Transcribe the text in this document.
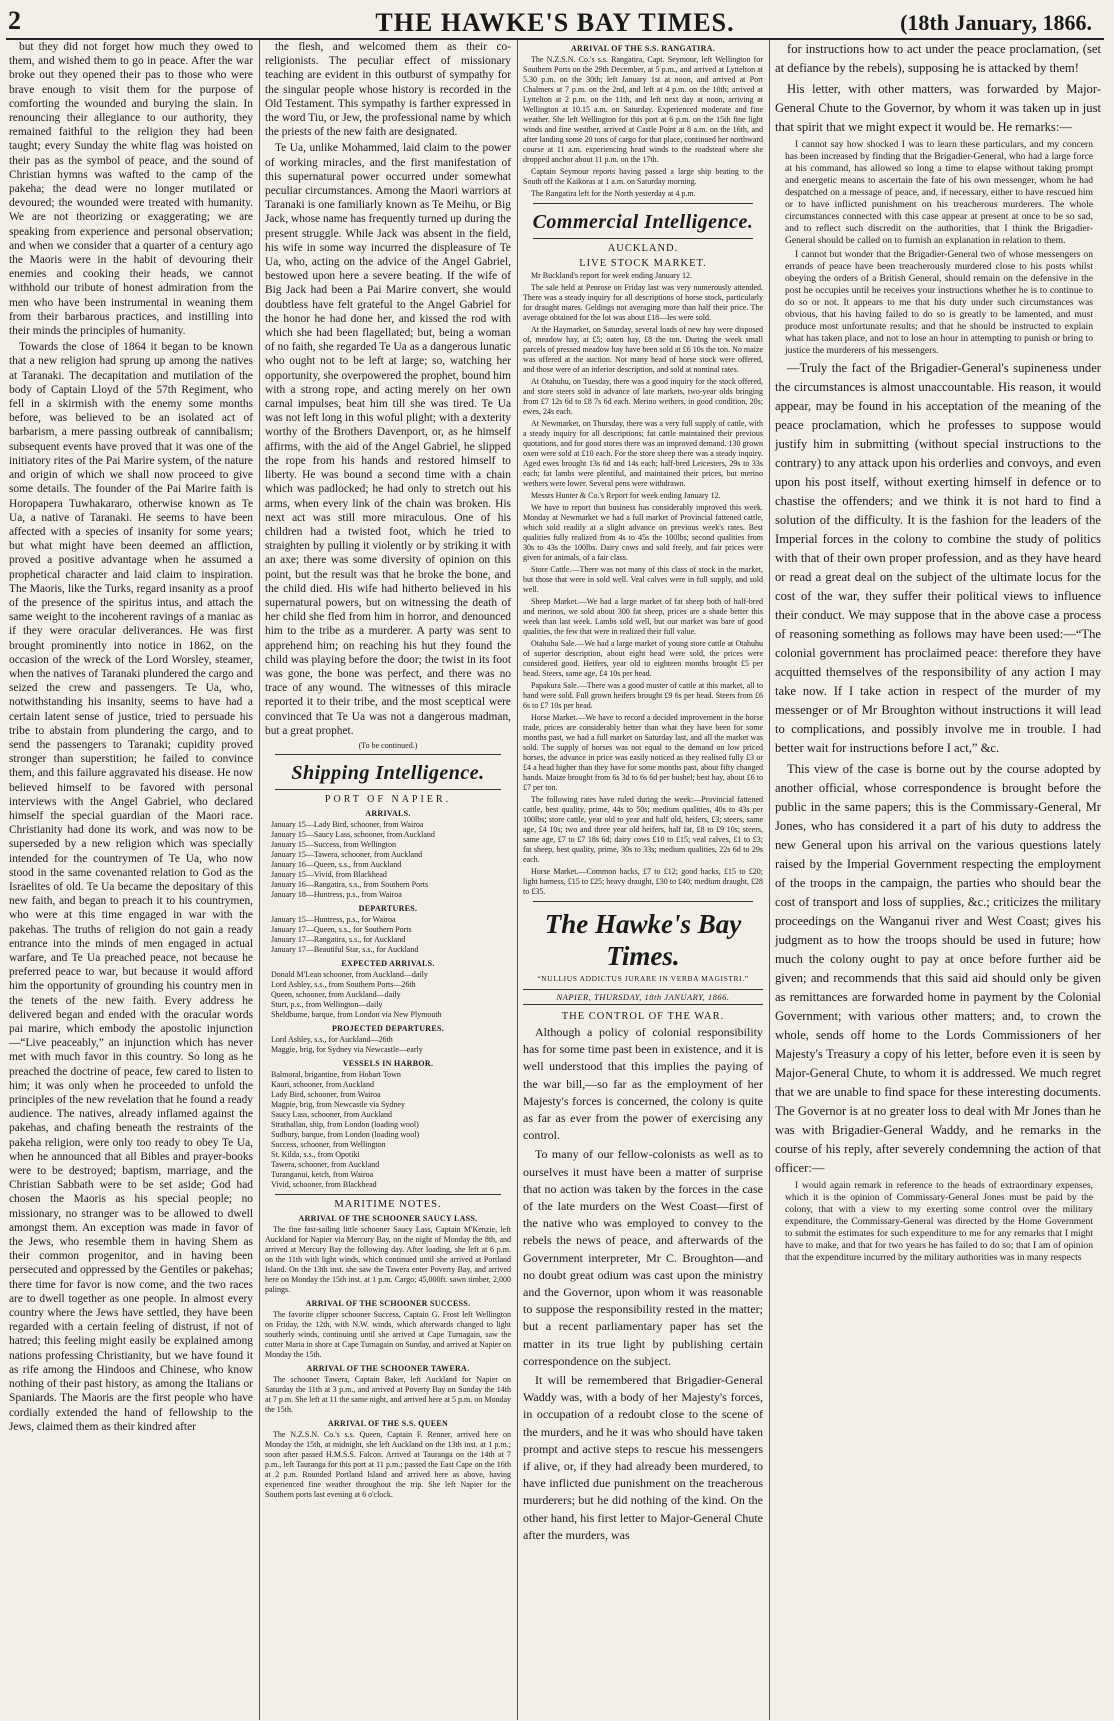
2	THE HAWKE'S BAY TIMES.	(18th January, 1866.

but they did not forget how much they owed to them, and wished them to go in peace. After the war broke out they opened their pas to those who were brave enough to visit them for the purpose of comforting the wounded and burying the slain. In renouncing their allegiance to our authority, they remained faithful to the religion they had been taught; every Sunday the white flag was hoisted on their pas as the symbol of peace, and the sound of Christian hymns was wafted to the camp of the pakeha; the dead were no longer mutilated or devoured; the wounded were treated with humanity. We are not theorizing or exaggerating; we are speaking from experience and personal observation; and when we consider that a quarter of a century ago the Maoris were in the habit of devouring their enemies and cooking their heads, we cannot withhold our tribute of honest admiration from the men who have been instrumental in weaning them from their barbarous practices, and instilling into their minds the principles of humanity.

Towards the close of 1864 it began to be known that a new religion had sprung up among the natives at Taranaki. The decapitation and mutilation of the body of Captain Lloyd of the 57th Regiment, who fell in a skirmish with the enemy some months before, was believed to be an isolated act of barbarism, a mere passing outbreak of cannibalism; subsequent events have proved that it was one of the initiatory rites of the Pai Marire system, of the nature and origin of which we shall now proceed to give some details. The founder of the Pai Marire faith is Horopapera Tuwhakararo, otherwise known as Te Ua, a native of Taranaki. He seems to have been affected with a species of insanity for some years; but what might have been deemed an affliction, proved a positive advantage when he assumed a prophetical character and laid claim to inspiration. The Maoris, like the Turks, regard insanity as a proof of the presence of the spiritus intus, and attach the same weight to the incoherent ravings of a maniac as if they were oracular deliverances. He was first brought prominently into notice in 1862, on the occasion of the wreck of the Lord Worsley, steamer, when the natives of Taranaki plundered the cargo and seized the crew and passengers. Te Ua, who, notwithstanding his insanity, seems to have had a certain latent sense of justice, tried to persuade his tribe to abstain from plundering the cargo, and to send the passengers to Taranaki; cupidity proved stronger than superstition; he failed to convince them, and this failure aggravated his disease. He now believed himself to be favored with personal interviews with the Angel Gabriel, who declared himself the special guardian of the Maori race. Christianity had done its work, and was now to be superseded by a new religion which was specially intended for the countrymen of Te Ua, who now stood in the same covenanted relation to God as the Israelites of old. Te Ua became the depositary of this new faith, and began to preach it to his countrymen, who were at this time engaged in war with the pakehas. The truths of religion do not gain a ready entrance into the minds of men engaged in actual warfare, and Te Ua preached peace, not because he preferred peace to war, but because it would afford him the opportunity of grounding his country men in the tenets of the new faith. Every address he delivered began and ended with the oracular words pai marire, which embody the apostolic injunction—“Live peaceably,” an injunction which has never met with much favor in this country. So long as he preached the doctrine of peace, few cared to listen to him; it was only when he proceeded to unfold the principles of the new revelation that he found a ready audience. The natives, already inflamed against the pakehas, and chafing beneath the restraints of the pakeha religion, were only too ready to obey Te Ua, when he announced that all Bibles and prayer-books were to be destroyed; baptism, marriage, and the Christian Sabbath were to be set aside; God had chosen the Maoris as his special people; no missionary, no stranger was to be allowed to dwell amongst them. An exception was made in favor of the Jews, who resemble them in having Shem as their common progenitor, and in having been persecuted and oppressed by the Gentiles or pakehas; there time for favor is now come, and the two races are to dwell together as one people. In almost every country where the Jews have settled, they have been regarded with a certain feeling of distrust, if not of hatred; this feeling might easily be explained among nations professing Christianity, but we have found it as rife among the Hindoos and Chinese, who know nothing of their past history, as among the Italians or Spaniards. The Maoris are the first people who have cordially extended the hand of fellowship to the Jews, claimed them as their kindred after

the flesh, and welcomed them as their co-religionists. The peculiar effect of missionary teaching are evident in this outburst of sympathy for the singular people whose history is recorded in the Old Testament. This sympathy is farther expressed in the word Tiu, or Jew, the professional name by which the priests of the new faith are designated.

Te Ua, unlike Mohammed, laid claim to the power of working miracles, and the first manifestation of this supernatural power occurred under somewhat peculiar circumstances. Among the Maori warriors at Taranaki is one familiarly known as Te Meihu, or Big Jack, whose name has frequently turned up during the present struggle. While Jack was absent in the field, his wife in some way incurred the displeasure of Te Ua, who, acting on the advice of the Angel Gabriel, bestowed upon here a severe beating. If the wife of Big Jack had been a Pai Marire convert, she would doubtless have felt grateful to the Angel Gabriel for the honor he had done her, and kissed the rod with which she had been flagellated; but, being a woman of no faith, she regarded Te Ua as a dangerous lunatic who ought not to be left at large; so, watching her opportunity, she overpowered the prophet, bound him with a strong rope, and acting merely on her own carnal impulses, beat him till she was tired. Te Ua was not left long in this woful plight; with a dexterity worthy of the Brothers Davenport, or, as he himself affirms, with the aid of the Angel Gabriel, he slipped the rope from his hands and restored himself to liberty. He was bound a second time with a chain which was padlocked; he had only to stretch out his arms, when every link of the chain was broken. His next act was still more miraculous. One of his children had a twisted foot, which he tried to straighten by pulling it violently or by striking it with an axe; there was some diversity of opinion on this point, but the result was that he broke the bone, and the child died. His wife had hitherto believed in his supernatural powers, but on witnessing the death of her child she fled from him in horror, and denounced him to the tribe as a murderer. A party was sent to apprehend him; on reaching his hut they found the child was playing before the door; the twist in its foot was gone, the bone was perfect, and there was no trace of any wound. The witnesses of this miracle reported it to their tribe, and the most sceptical were convinced that Te Ua was not a dangerous madman, but a great prophet.

(To be continued.)
Shipping Intelligence.
PORT OF NAPIER.
ARRIVALS.
January 15—Lady Bird, schooner, from Wairoa
January 15—Saucy Lass, schooner, from Auckland
January 15—Success, from Wellington
January 15—Tawera, schooner, from Auckland
January 16—Queen, s.s., from Auckland
January 15—Vivid, from Blackhead
January 16—Rangatira, s.s., from Southern Ports
January 18—Huntress, p.s., from Wairoa
DEPARTURES.
January 15—Huntress, p.s., for Wairoa
January 17—Queen, s.s., for Southern Ports
January 17—Rangatira, s.s., for Auckland
January 17—Beautiful Star, s.s., for Auckland
EXPECTED ARRIVALS.
Donald M'Lean schooner, from Auckland—daily
Lord Ashley, s.s., from Southern Ports—26th
Queen, schooner, from Auckland—daily
Sturt, p.s., from Wellington—daily
Sheldburne, barque, from London via New Plymouth
PROJECTED DEPARTURES.
Lord Ashley, s.s., for Auckland—26th
Maggie, brig, for Sydney via Newcastle—early
VESSELS IN HARBOR.
Balmoral, brigantine, from Hobart Town
Kauri, schooner, from Auckland
Lady Bird, schooner, from Wairoa
Magpie, brig, from Newcastle via Sydney
Saucy Lass, schooner, from Auckland
Strathallan, ship, from London (loading wool)
Sudbury, barque, from London (loading wool)
Success, schooner, from Wellington
St. Kilda, s.s., from Opotiki
Tawera, schooner, from Auckland
Turanganui, ketch, from Wairoa
Vivid, schooner, from Blackhead
MARITIME NOTES.
ARRIVAL OF THE SCHOONER SAUCY LASS.

The fine fast-sailing little schooner Saucy Lass, Captain M'Kenzie, left Auckland for Napier via Mercury Bay, on the night of Monday the 8th, and arrived at Mercury Bay the following day. After loading, she left at 6 p.m. on the 11th with light winds, which continued until she arrived at Portland Island. On the 13th inst. she saw the Tawera enter Poverty Bay, and arrived here on Monday the 15th inst. at 1 p.m. Cargo; 45,000ft. sawn timber, 2,000 palings.

ARRIVAL OF THE SCHOONER SUCCESS.

The favorite clipper schooner Success, Captain G. Frost left Wellington on Friday, the 12th, with N.W. winds, which afterwards changed to light southerly winds, continuing until she arrived at Cape Turnagain, saw the cutter Maria in shore at Cape Turnagain on Sunday, and arrived at Napier on Monday the 15th.

ARRIVAL OF THE SCHOONER TAWERA.

The schooner Tawera, Captain Baker, left Auckland for Napier on Saturday the 11th at 3 p.m., and arrived at Poverty Bay on Sunday the 14th at 7 p.m. She left at 11 the same night, and arrived here at 5 p.m. on Monday the 15th.

ARRIVAL OF THE S.S. QUEEN

The N.Z.S.N. Co.'s s.s. Queen, Captain F. Renner, arrived here on Monday the 15th, at midnight, she left Auckland on the 13th inst. at 1 p.m.; soon after passed H.M.S.S. Falcon. Arrived at Tauranga on the 14th at 7 p.m., left Tauranga for this port at 11 p.m.; passed the East Cape on the 16th at 2 p.m. Rounded Portland Island and arrived here as above, having experienced fine weather throughout the trip. She left Napier for the Southern ports last evening at 6 o'clock.

ARRIVAL OF THE S.S. RANGATIRA.

The N.Z.S.N. Co.'s s.s. Rangatira, Capt. Seymour, left Wellington for Southern Ports on the 29th December, at 5 p.m., and arrived at Lyttelton at 5.30 p.m. on the 30th; left January 1st at noon, and arrived at Port Chalmers at 7 p.m. on the 2nd, and left at 4 p.m. on the 10th; arrived at Lyttelton at 2 p.m. on the 11th, and left next day at noon, arriving at Wellington at 10.15 a.m. on Saturday. Experienced moderate and fine weather. She left Wellington for this port at 6 p.m. on the 15th fine light winds and fine weather, arrived at Castle Point at 8 a.m. on the 16th, and after landing some 20 tons of cargo for that place, continued her northward course at 11 a.m. experiencing head winds to the roadstead where she dropped anchor about 11 p.m. on the 17th.

Captain Seymour reports having passed a large ship beating to the South off the Kaikoras at 1 a.m. on Saturday morning.

The Rangatira left for the North yesterday at 4 p.m.

Commercial Intelligence.
AUCKLAND.
LIVE STOCK MARKET.

Mr Buckland's report for week ending January 12.

The sale held at Penrose on Friday last was very numerously attended. There was a steady inquiry for all descriptions of horse stock, particularly for draught mares. Geldings not averaging more than half their price. The average obtained for the lot was about £18—les were sold.

At the Haymarket, on Saturday, several loads of new hay were disposed of, meadow hay, at £5; oaten hay, £8 the ton. During the week small parcels of pressed meadow hay have been sold at £6 10s the ton. No maize was offered at the auction. Not many head of horse stock were offered, and those were of an inferior description, and sold at nominal rates.

At Otahuhu, on Tuesday, there was a good inquiry for the stock offered, and store steers sold in advance of late markets, two-year olds bringing from £7 12s 6d to £8 7s 6d each. Merino wethers, in good condition, 20s; ewes, 24s each.

At Newmarket, on Thursday, there was a very full supply of cattle, with a steady inquiry for all descriptions; fat cattle maintained their previous quotations, and for good stores there was an improved demand. 130 grown oxen were sold at £10 each. For the store sheep there was a steady inquiry. Aged ewes brought 13s 6d and 14s each; half-bred Leicesters, 29s to 33s each; fat lambs were plentiful, and maintained their prices, but merino wethers were lower. Several pens were withdrawn.

Messrs Hunter & Co.'s Report for week ending January 12.

We have to report that business has considerably improved this week. Monday at Newmarket we had a full market of Provincial fattened cattle, which sold readily at a slight advance on previous week's rates. Best qualities fully realized from 4s to 45s the 100lbs; second qualities from 30s to 43s the 100lbs. Dairy cows and sold freely, and fair prices were given for animals, of a fair class.

Store Cattle.—There was not many of this class of stock in the market, but those that were in sold well. Veal calves were in full supply, and sold well.

Sheep Market.—We had a large market of fat sheep both of half-bred and merinos, we sold about 300 fat sheep, prices are a shade better this week than last week. Lambs sold well, but our market was bare of good qualities, the few that were in realized their full value.

Otahuhu Sale.—We had a large market of young store cattle at Otahuhu of superior description, about eight head were sold, the prices were considered good. Heifers, year old to eighteen months brought £5 per head. Steers, same age, £4 10s per head.

Papakura Sale.—There was a good muster of cattle at this market, all to hand were sold. Full grown heifers brought £9 6s per head. Steers from £6 6s to £7 10s per head.

Horse Market.—We have to record a decided improvement in the horse trade, prices are considerably better than what they have been for some months past, we had a full market on Saturday last, and all the market was sold. The supply of horses was not equal to the demand on low priced horses, the advance in price was easily noticed as they realised fully £3 or £4 a head higher than they have for some months past, about fifty changed hands. Maize brought from 6s 3d to 6s 6d per bushel; best hay, about £6 to £7 per ton.

The following rates have ruled during the week:—Provincial fattened cattle, best quality, prime, 44s to 50s; medium qualities, 40s to 43s per 100lbs; store cattle, year old to year and half old, heifers, £3; steers, same age, £4 10s; two and three year old heifers, half fat, £8 to £9 10s; steers, same age, £7 to £7 18s 6d; dairy cows £10 to £15; veal calves, £1 to £3; fat sheep, best quality, prime, 30s to 33s; medium qualities, 22s 6d to 29s each.

Horse Market.—Common hacks, £7 to £12; good hacks, £15 to £20; light harness, £15 to £25; heavy draught, £30 to £40; medium draught, £28 to £35.

The Hawke's Bay Times.
“NULLIUS ADDICTUS JURARE IN VERBA MAGISTRI.”
NAPIER, THURSDAY, 18th JANUARY, 1866.
THE CONTROL OF THE WAR.

Although a policy of colonial responsibility has for some time past been in existence, and it is well understood that this implies the paying of the war bill,—so far as the employment of her Majesty's forces is concerned, the colony is quite as far as ever from the power of exercising any control.

To many of our fellow-colonists as well as to ourselves it must have been a matter of surprise that no action was taken by the forces in the case of the late murders on the West Coast—first of the native who was employed to convey to the rebels the news of peace, and afterwards of the Government interpreter, Mr C. Broughton—and no doubt great odium was cast upon the ministry and the Governor, upon whom it was reasonable to suppose the responsibility rested in the matter; but a recent parliamentary paper has set the matter in its true light by publishing certain correspondence on the subject.

It will be remembered that Brigadier-General Waddy was, with a body of her Majesty's forces, in occupation of a redoubt close to the scene of the murders, and he it was who should have taken prompt and active steps to rescue his messengers if alive, or, if they had already been murdered, to have inflicted due punishment on the treacherous murderers; but he did nothing of the kind. On the other hand, his first letter to Major-General Chute after the murders, was

for instructions how to act under the peace proclamation, (set at defiance by the rebels), supposing he is attacked by them!

His letter, with other matters, was forwarded by Major-General Chute to the Governor, by whom it was taken up in just that spirit that we might expect it would be. He remarks:—

I cannot say how shocked I was to learn these particulars, and my concern has been increased by finding that the Brigadier-General, who had a large force at his command, has allowed so long a time to elapse without taking prompt and energetic means to ascertain the fate of his own messenger, whom he had despatched on a message of peace, and, if necessary, either to have rescued him or to have inflicted punishment on his treacherous murderers. The whole circumstances connected with this case appear at present at once to be so sad, and to reflect such discredit on the authorities, that I think the Brigadier-General should be called on to furnish an explanation in relation to them.

I cannot but wonder that the Brigadier-General two of whose messengers on errands of peace have been treacherously murdered close to his posts whilst obeying the orders of a British General, should remain on the defensive in the post he occupies until he receives your instructions whether he is to continue to do so or not. It appears to me that his duty under such circumstances was obvious, that his having failed to do so is greatly to be lamented, and must produce most unfortunate results; and that he should be instructed to explain what has taken place, and not to lose an hour in attempting to punish or bring to justice the murderers of his messengers.

—Truly the fact of the Brigadier-General's supineness under the circumstances is almost unaccountable. His reason, it would appear, may be found in his acceptation of the meaning of the peace proclamation, which he professes to suppose would justify him in submitting (without special instructions to the contrary) to any attack upon his orderlies and convoys, and even upon his post itself, without exerting himself in defence or to chastise the offenders; and we think it is not hard to find a solution of the difficulty. It is the fashion for the leaders of the Imperial forces in the colony to combine the study of politics with that of their own proper profession, and as they have heard or read a great deal on the subject of the ultimate locus for the cost of the war, they suffer their political views to influence their conduct. We may suppose that in the above case a process of reasoning something as follows may have been used:—“The colonial government has proclaimed peace: therefore they have acquitted themselves of the responsibility of any action I may take now. If I take action in respect of the murder of my messenger or of Mr Broughton without instructions it will lead to complications, and possibly involve me in trouble. I had better wait for instructions before I act,” &c.

This view of the case is borne out by the course adopted by another official, whose correspondence is brought before the public in the same papers; this is the Commissary-General, Mr Jones, who has considered it a part of his duty to address the new General upon his arrival on the various questions lately raised by the Imperial Government respecting the employment of the troops in the campaign, the parties who should bear the cost of transport and loss of supplies, &c.; criticizes the military proceedings on the Wanganui river and West Coast; gives his judgment as to how the troops should be used in future; how much the colony ought to pay at once before further aid be given; and recommends that this said aid should only be given as remittances are forwarded home in payment by the Colonial Government; with various other matters; and, to crown the whole, sends off home to the Lords Commissioners of her Majesty's Treasury a copy of his letter, before even it is seen by Major-General Chute, to whom it is addressed. We much regret that we are unable to find space for these interesting documents. The Governor is at no greater loss to deal with Mr Jones than he was with Brigadier-General Waddy, and he remarks in the course of his reply, after severely condemning the action of that officer:—

I would again remark in reference to the heads of extraordinary expenses, which it is the opinion of Commissary-General Jones must be paid by the colony, that with a view to my exerting some control over the military expenditure, the Commissary-General was directed by the Home Government to submit the estimates for such expenditure to me for any remarks that I might have to make, and that for two years he has failed to do so; that I am of opinion that the expenditure incurred by the military authorities was in many respects
